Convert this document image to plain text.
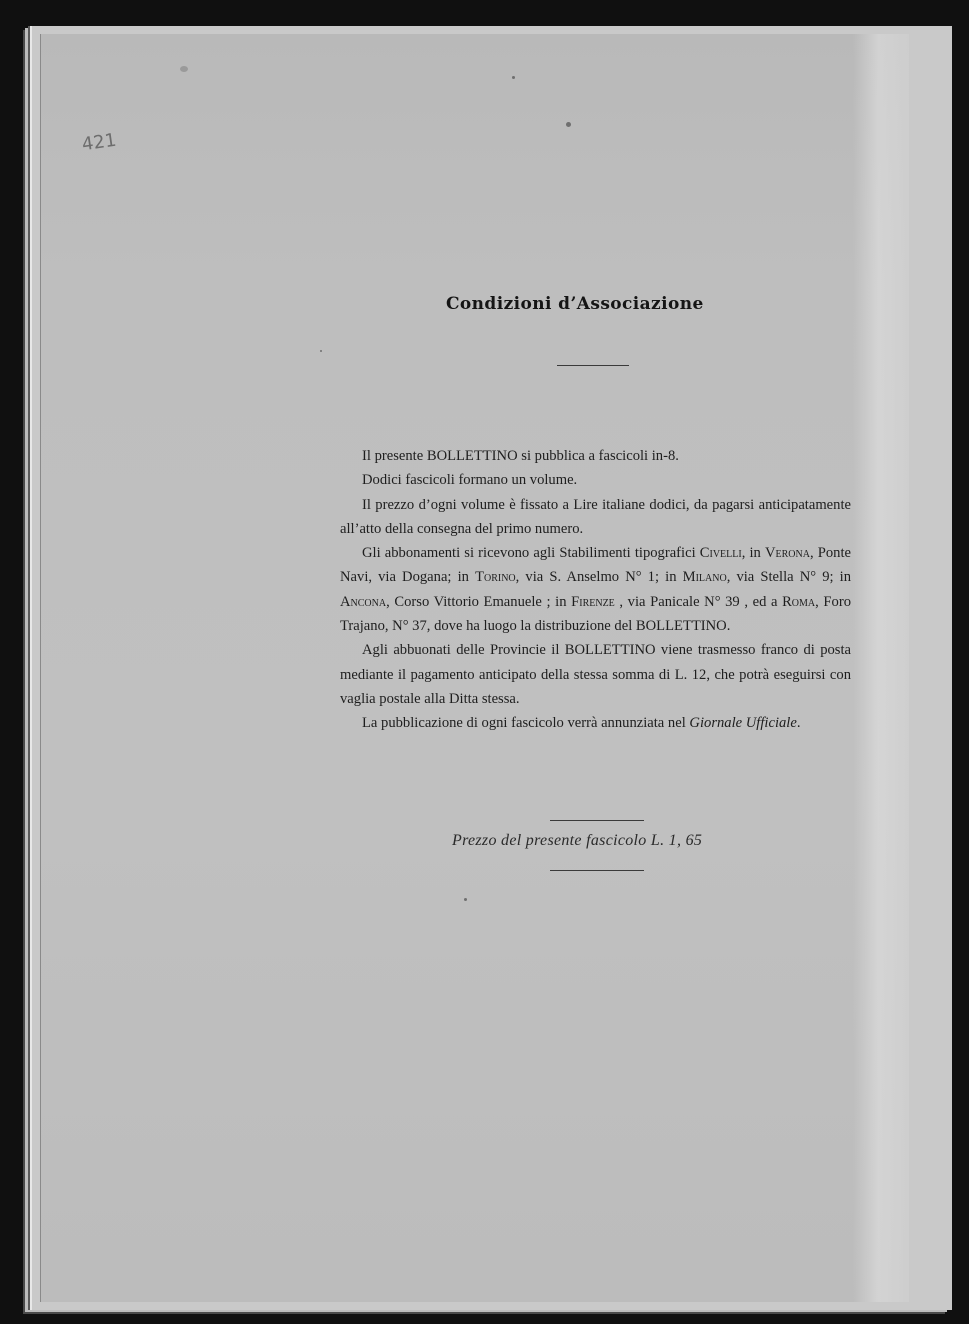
421
Condizioni d’Associazione

Il presente BOLLETTINO si pubblica a fascicoli in-8.

Dodici fascicoli formano un volume.

Il prezzo d’ogni volume è fissato a Lire italiane dodici, da pagarsi anticipatamente all’atto della consegna del primo numero.

Gli abbonamenti si ricevono agli Stabilimenti tipografici Civelli, in Verona, Ponte Navi, via Dogana; in Torino, via S. Anselmo N° 1; in Milano, via Stella N° 9; in Ancona, Corso Vittorio Emanuele ; in Firenze , via Panicale N° 39 , ed a Roma, Foro Trajano, N° 37, dove ha luogo la distribuzione del BOLLETTINO.

Agli abbuonati delle Provincie il BOLLETTINO viene trasmesso franco di posta mediante il pagamento anticipato della stessa somma di L. 12, che potrà eseguirsi con vaglia postale alla Ditta stessa.

La pubblicazione di ogni fascicolo verrà annunziata nel Giornale Ufficiale.

Prezzo del presente fascicolo L. 1, 65
